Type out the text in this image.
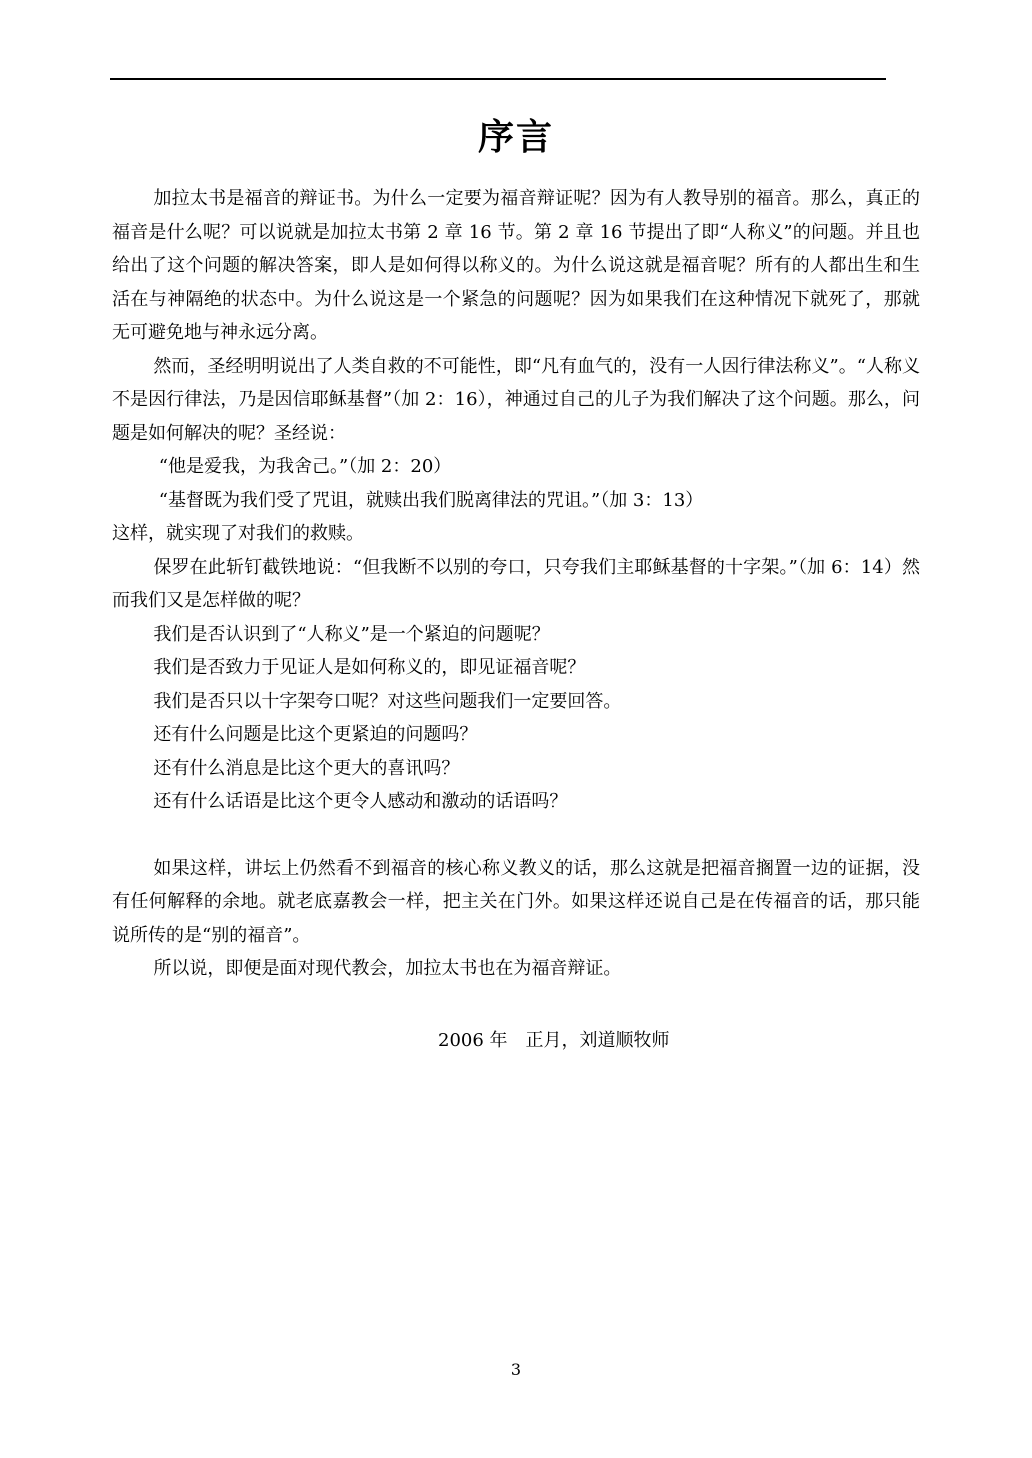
序言

加拉太书是福音的辩证书。为什么一定要为福音辩证呢？因为有人教导别的福音。那么，真正的福音是什么呢？可以说就是加拉太书第 2 章 16 节。第 2 章 16 节提出了即“人称义”的问题。并且也给出了这个问题的解决答案，即人是如何得以称义的。为什么说这就是福音呢？所有的人都出生和生活在与神隔绝的状态中。为什么说这是一个紧急的问题呢？因为如果我们在这种情况下就死了，那就无可避免地与神永远分离。

然而，圣经明明说出了人类自救的不可能性，即“凡有血气的，没有一人因行律法称义”。“人称义不是因行律法，乃是因信耶稣基督”（加 2：16），神通过自己的儿子为我们解决了这个问题。那么，问题是如何解决的呢？圣经说：

“他是爱我，为我舍己。”（加 2：20）

“基督既为我们受了咒诅，就赎出我们脱离律法的咒诅。”（加 3：13）

这样，就实现了对我们的救赎。

保罗在此斩钉截铁地说：“但我断不以别的夸口，只夸我们主耶稣基督的十字架。”（加 6：14）然而我们又是怎样做的呢？

我们是否认识到了“人称义”是一个紧迫的问题呢？

我们是否致力于见证人是如何称义的，即见证福音呢？

我们是否只以十字架夸口呢？对这些问题我们一定要回答。

还有什么问题是比这个更紧迫的问题吗？

还有什么消息是比这个更大的喜讯吗？

还有什么话语是比这个更令人感动和激动的话语吗？

如果这样，讲坛上仍然看不到福音的核心称义教义的话，那么这就是把福音搁置一边的证据，没有任何解释的余地。就老底嘉教会一样，把主关在门外。如果这样还说自己是在传福音的话，那只能说所传的是“别的福音”。

所以说，即便是面对现代教会，加拉太书也在为福音辩证。

2006 年　正月，刘道顺牧师

3
